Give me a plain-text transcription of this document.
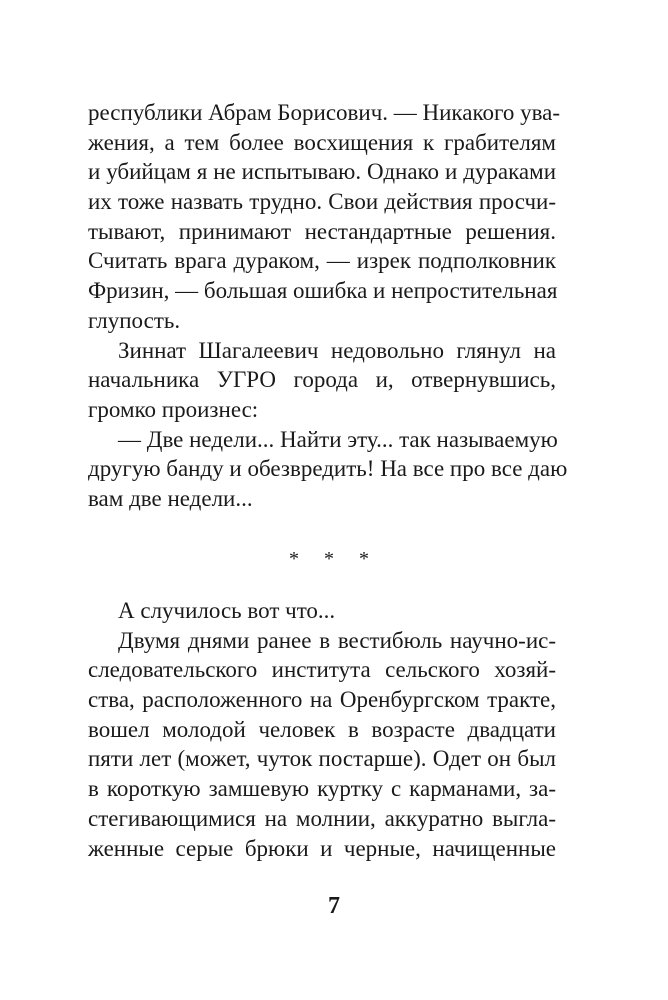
республики Абрам Борисович. — Никакого ува-
жения, а тем более восхищения к грабителям
и убийцам я не испытываю. Однако и дураками
их тоже назвать трудно. Свои действия просчи-
тывают, принимают нестандартные решения.
Считать врага дураком, — изрек подполковник
Фризин, — большая ошибка и непростительная
глупость.
Зиннат Шагалеевич недовольно глянул на
начальника УГРО города и, отвернувшись,
громко произнес:
— Две недели... Найти эту... так называемую
другую банду и обезвредить! На все про все даю
вам две недели...
* * *
А случилось вот что...
Двумя днями ранее в вестибюль научно-ис-
следовательского института сельского хозяй-
ства, расположенного на Оренбургском тракте,
вошел молодой человек в возрасте двадцати
пяти лет (может, чуток постарше). Одет он был
в короткую замшевую куртку с карманами, за-
стегивающимися на молнии, аккуратно выгла-
женные серые брюки и черные, начищенные
7
